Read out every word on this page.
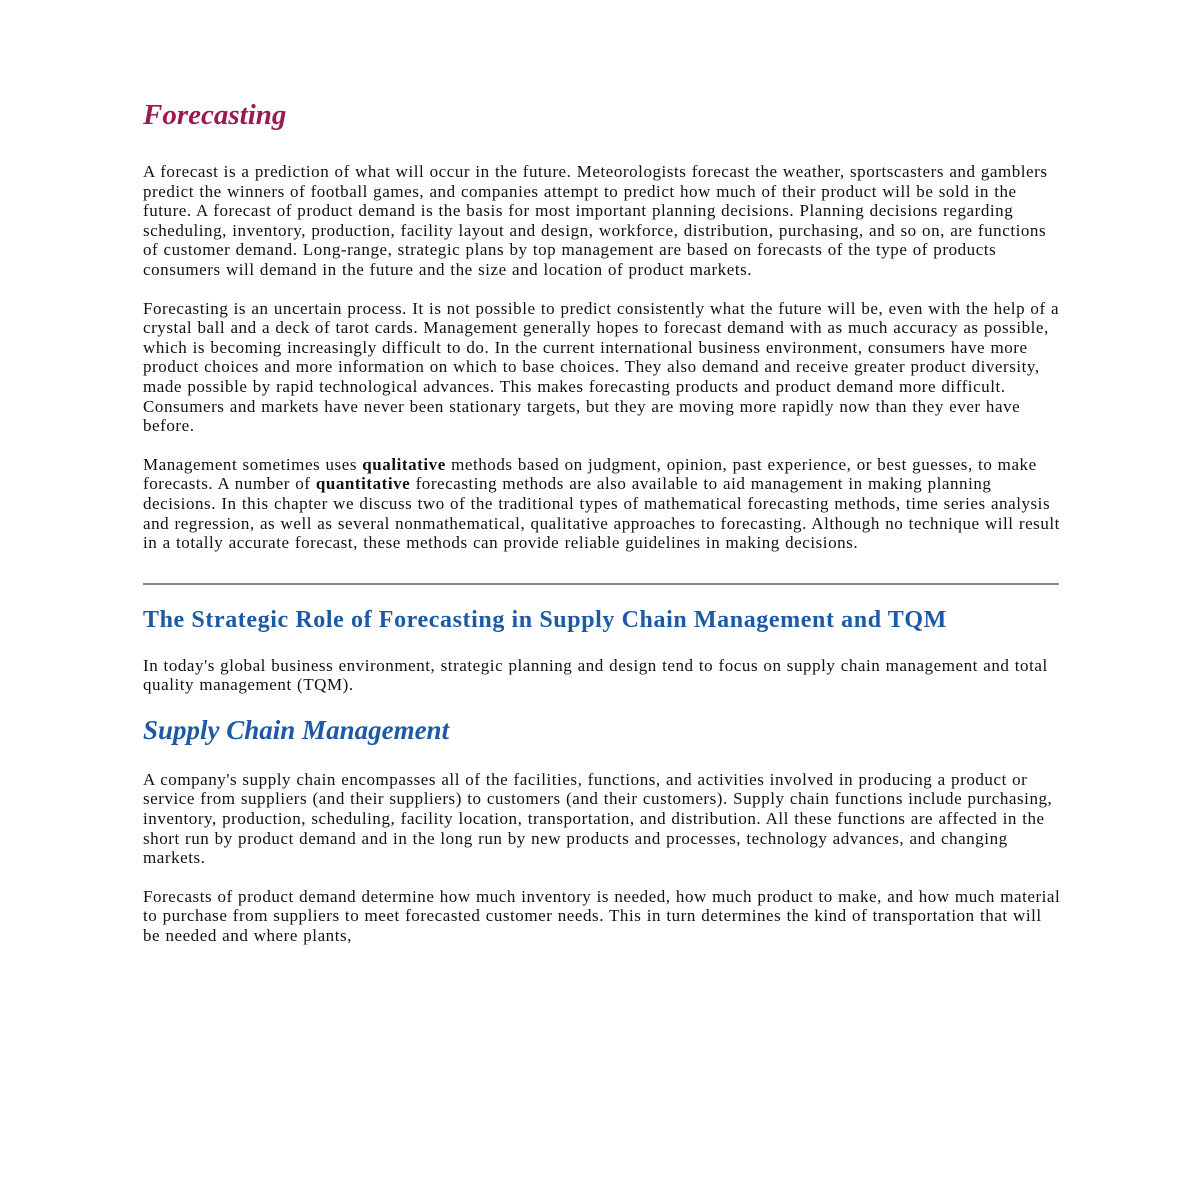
Forecasting

A forecast is a prediction of what will occur in the future. Meteorologists forecast the weather, sportscasters and gamblers predict the winners of football games, and companies attempt to predict how much of their product will be sold in the future. A forecast of product demand is the basis for most important planning decisions. Planning decisions regarding scheduling, inventory, production, facility layout and design, workforce, distribution, purchasing, and so on, are functions of customer demand. Long-range, strategic plans by top management are based on forecasts of the type of products consumers will demand in the future and the size and location of product markets.

Forecasting is an uncertain process. It is not possible to predict consistently what the future will be, even with the help of a crystal ball and a deck of tarot cards. Management generally hopes to forecast demand with as much accuracy as possible, which is becoming increasingly difficult to do. In the current international business environment, consumers have more product choices and more information on which to base choices. They also demand and receive greater product diversity, made possible by rapid technological advances. This makes forecasting products and product demand more difficult. Consumers and markets have never been stationary targets, but they are moving more rapidly now than they ever have before.

Management sometimes uses qualitative methods based on judgment, opinion, past experience, or best guesses, to make forecasts. A number of quantitative forecasting methods are also available to aid management in making planning decisions. In this chapter we discuss two of the traditional types of mathematical forecasting methods, time series analysis and regression, as well as several nonmathematical, qualitative approaches to forecasting. Although no technique will result in a totally accurate forecast, these methods can provide reliable guidelines in making decisions.

The Strategic Role of Forecasting in Supply Chain Management and TQM

In today's global business environment, strategic planning and design tend to focus on supply chain management and total quality management (TQM).

Supply Chain Management

A company's supply chain encompasses all of the facilities, functions, and activities involved in producing a product or service from suppliers (and their suppliers) to customers (and their customers). Supply chain functions include purchasing, inventory, production, scheduling, facility location, transportation, and distribution. All these functions are affected in the short run by product demand and in the long run by new products and processes, technology advances, and changing markets.

Forecasts of product demand determine how much inventory is needed, how much product to make, and how much material to purchase from suppliers to meet forecasted customer needs. This in turn determines the kind of transportation that will be needed and where plants,
